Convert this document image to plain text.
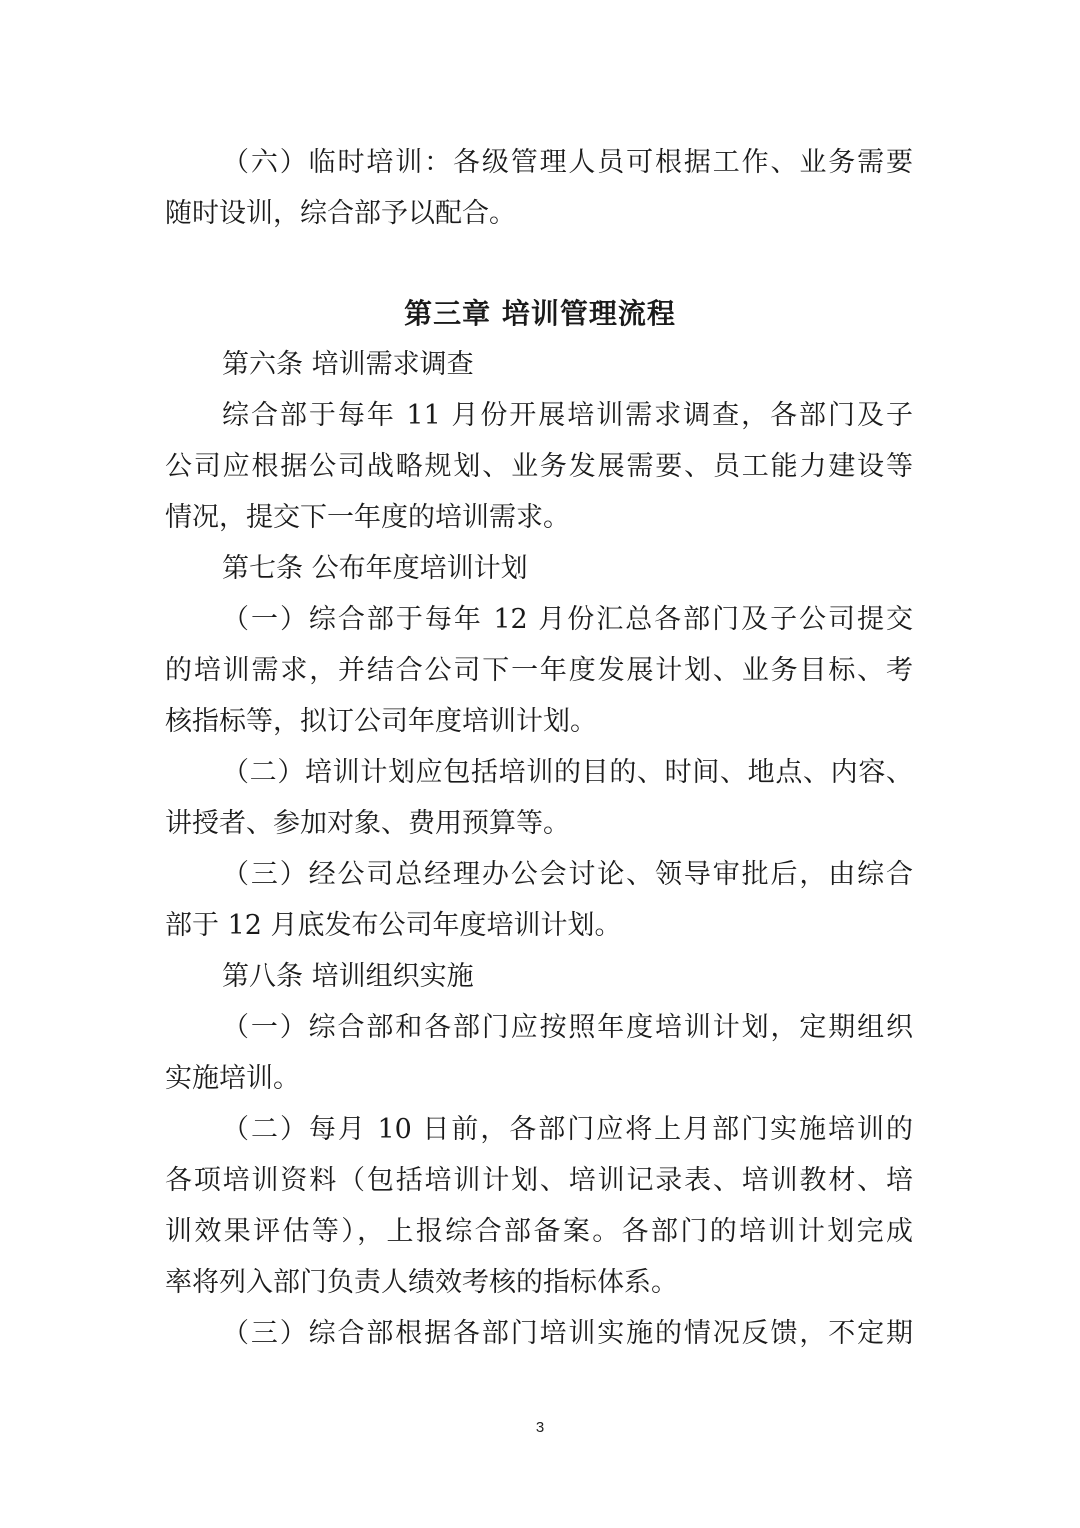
（六）临时培训：各级管理人员可根据工作、业务需要

随时设训，综合部予以配合。

第三章 培训管理流程

第六条 培训需求调查

综合部于每年 11 月份开展培训需求调查，各部门及子

公司应根据公司战略规划、业务发展需要、员工能力建设等

情况，提交下一年度的培训需求。

第七条 公布年度培训计划

（一）综合部于每年 12 月份汇总各部门及子公司提交

的培训需求，并结合公司下一年度发展计划、业务目标、考

核指标等，拟订公司年度培训计划。

（二）培训计划应包括培训的目的、时间、地点、内容、

讲授者、参加对象、费用预算等。

（三）经公司总经理办公会讨论、领导审批后，由综合

部于 12 月底发布公司年度培训计划。

第八条 培训组织实施

（一）综合部和各部门应按照年度培训计划，定期组织

实施培训。

（二）每月 10 日前，各部门应将上月部门实施培训的

各项培训资料（包括培训计划、培训记录表、培训教材、培

训效果评估等），上报综合部备案。各部门的培训计划完成

率将列入部门负责人绩效考核的指标体系。

（三）综合部根据各部门培训实施的情况反馈，不定期

3
